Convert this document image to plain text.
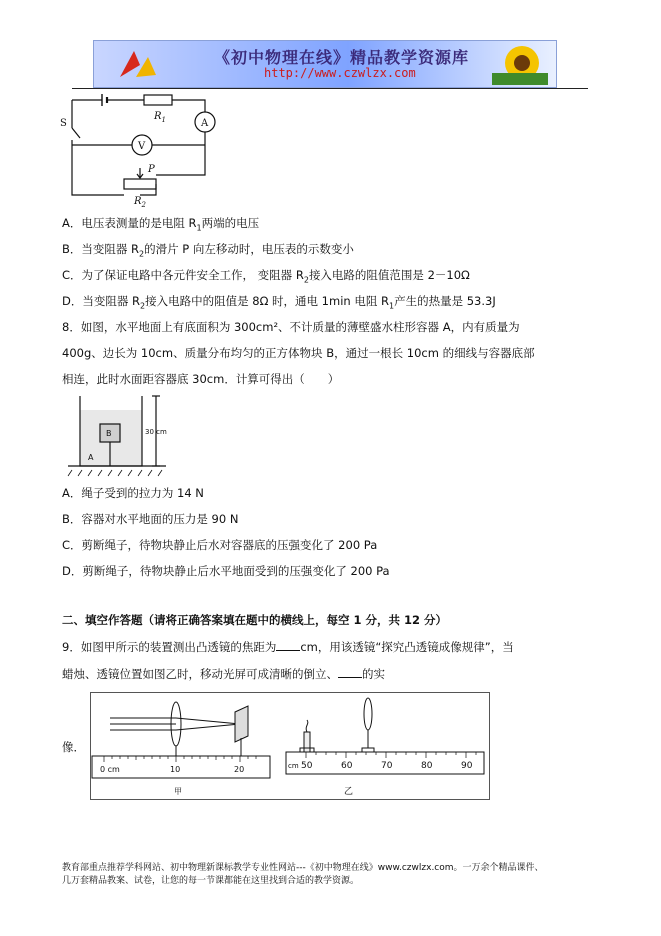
《初中物理在线》精品教学资源库
http://www.czwlzx.com
$R_1$
S	A
V
P
$R_2$
A．电压表测量的是电阻 $R_1$两端的电压
B．当变阻器 $R_2$的滑片 P 向左移动时，电压表的示数变小
C．为了保证电路中各元件安全工作， 变阻器 $R_2$接入电路的阻值范围是 2－10Ω
D．当变阻器 $R_2$接入电路中的阻值是 8Ω 时，通电 1min 电阻 $R_1$产生的热量是 53.3J
8．如图，水平地面上有底面积为 300cm²、不计质量的薄壁盛水柱形容器 A，内有质量为
400g、边长为 10cm、质量分布均匀的正方体物块 B，通过一根长 10cm 的细线与容器底部
相连，此时水面距容器底 30cm．计算可得出（　　）
B
A
30 cm
A．绳子受到的拉力为 14 N
B．容器对水平地面的压力是 90 N
C．剪断绳子，待物块静止后水对容器底的压强变化了 200 Pa
D．剪断绳子，待物块静止后水平地面受到的压强变化了 200 Pa
二、填空作答题（请将正确答案填在题中的横线上，每空 1 分，共 12 分）
9．如图甲所示的装置测出凸透镜的焦距为 cm，用该透镜“探究凸透镜成像规律”，当
蜡烛、透镜位置如图乙时，移动光屏可成清晰的倒立、 的实
像．
0 cm	10	20
甲
cm 50	60	70	80	90
乙
教育部重点推荐学科网站、初中物理新课标教学专业性网站---《初中物理在线》www.czwlzx.com。一万余个精品课件、
几万套精品教案、试卷，让您的每一节课都能在这里找到合适的教学资源。
